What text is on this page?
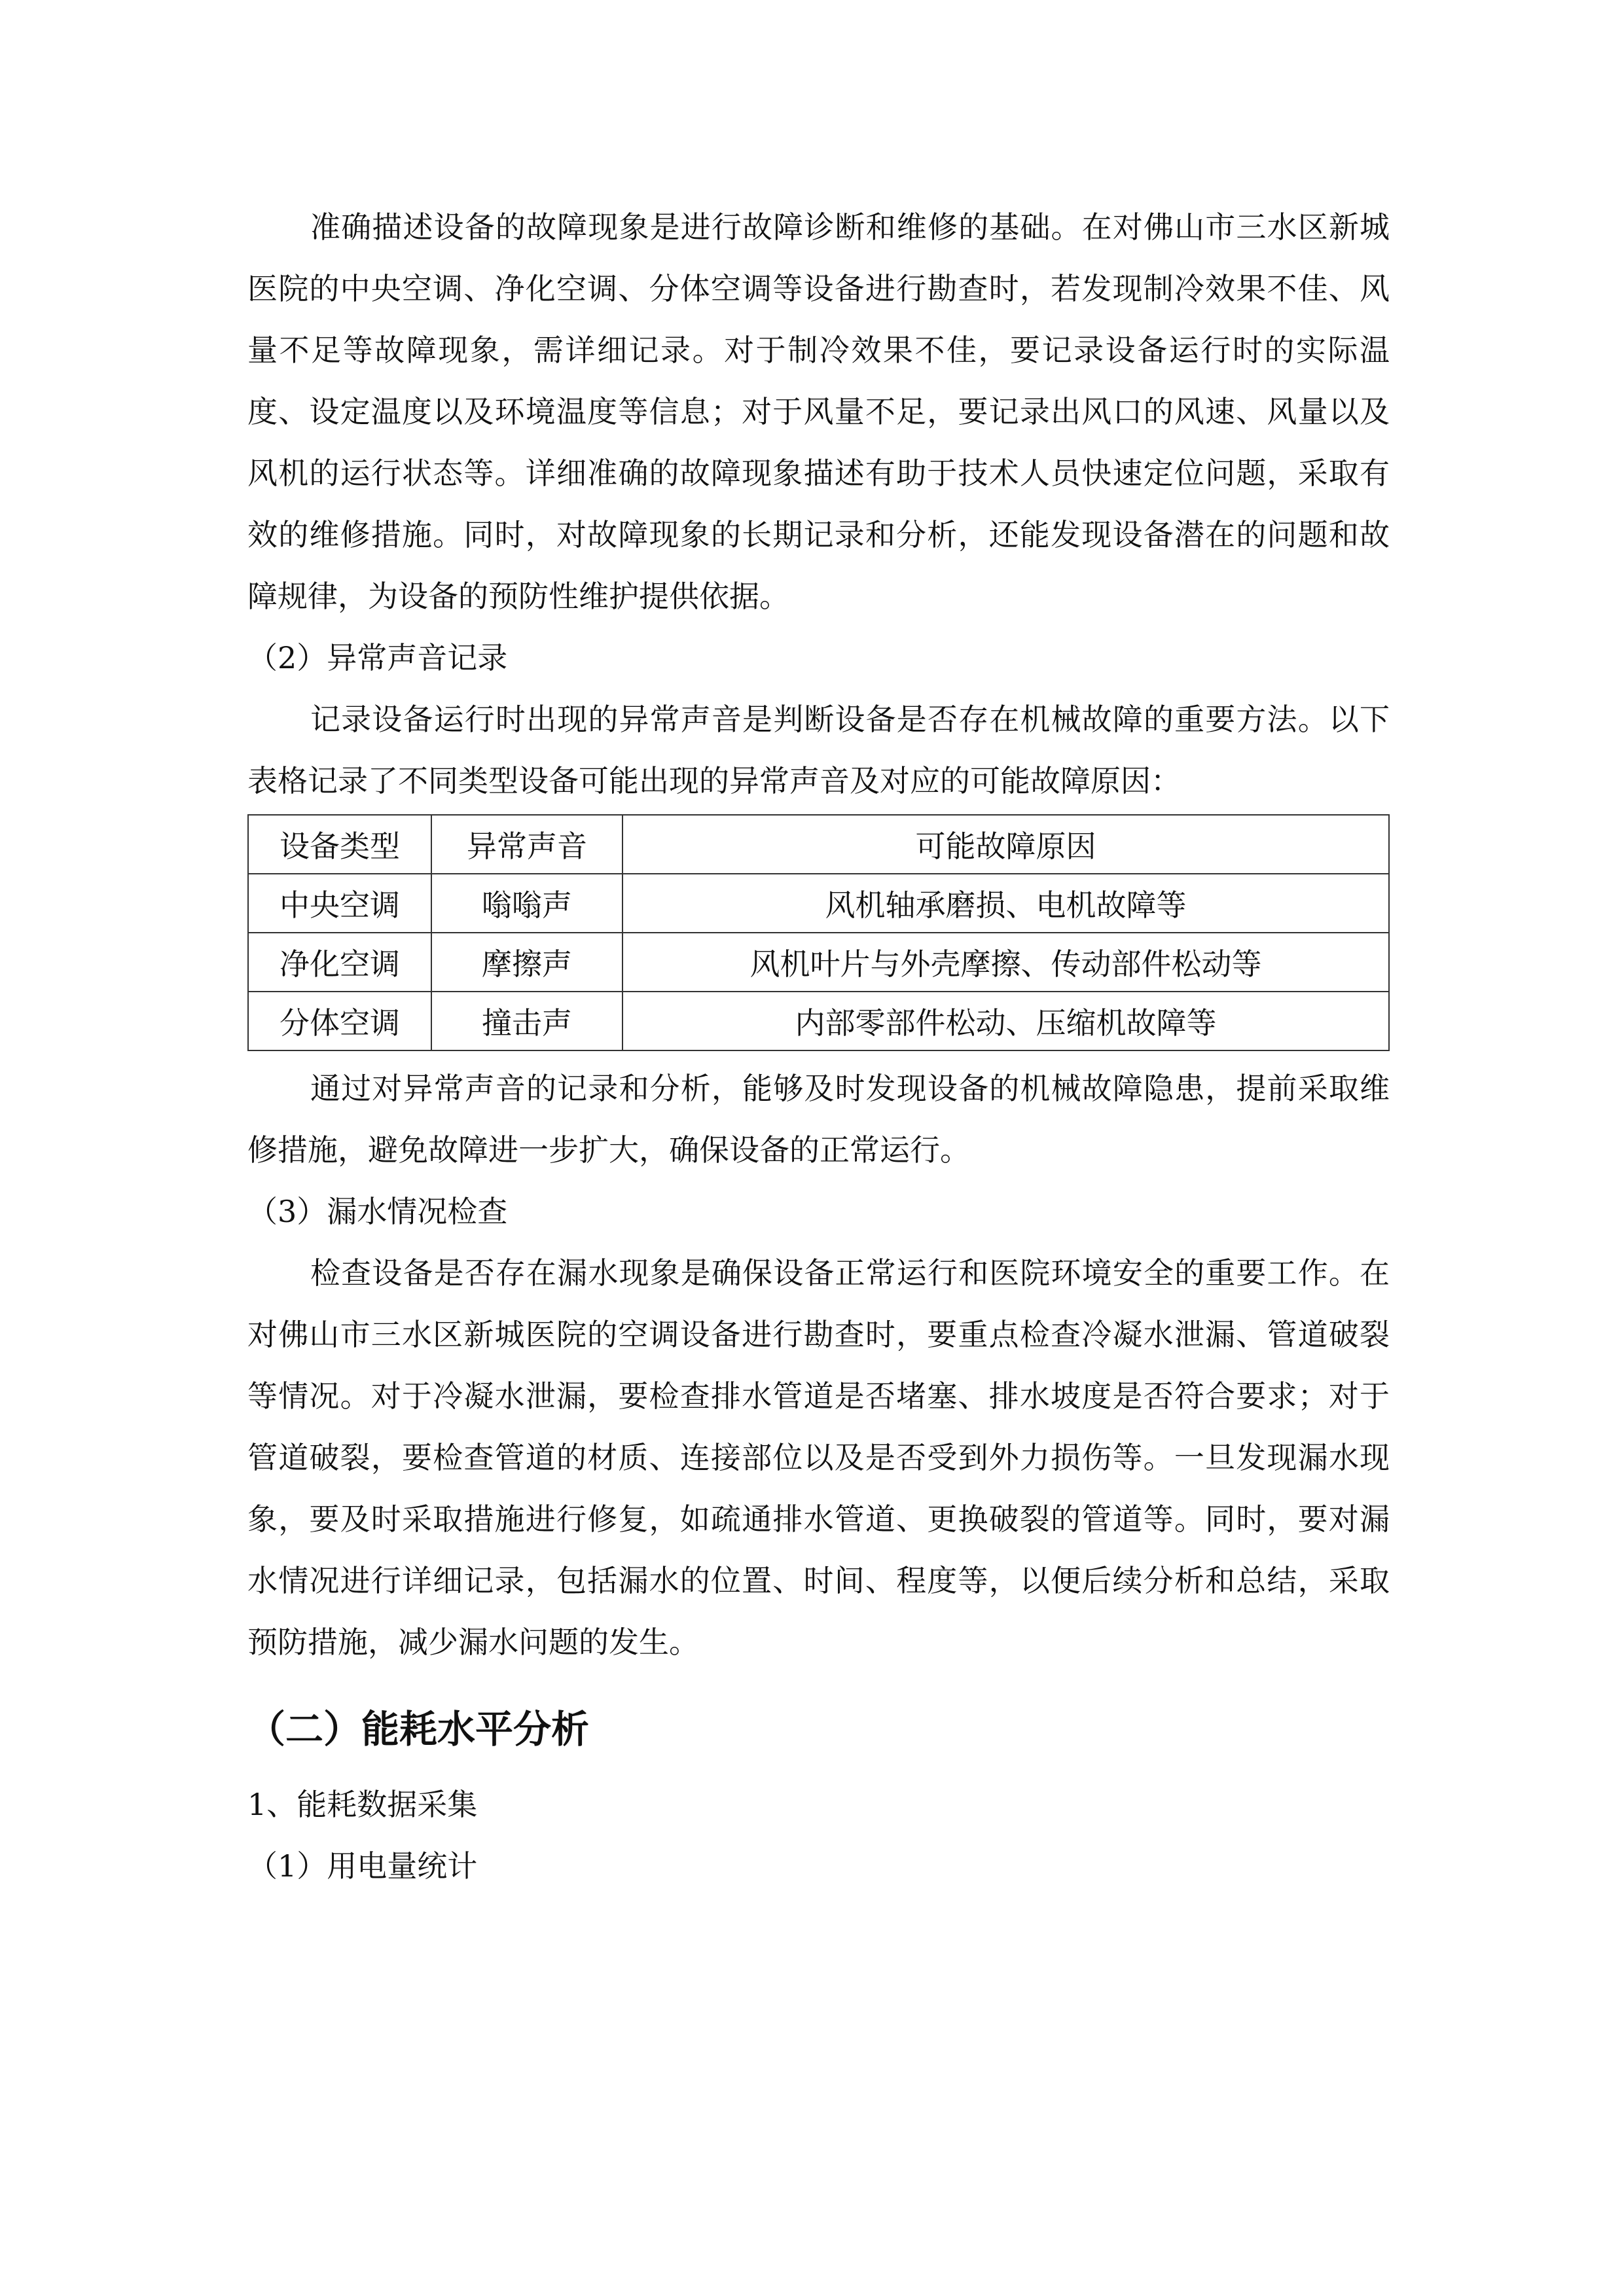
准确描述设备的故障现象是进行故障诊断和维修的基础。在对佛山市三水区新城医院的中央空调、净化空调、分体空调等设备进行勘查时，若发现制冷效果不佳、风量不足等故障现象，需详细记录。对于制冷效果不佳，要记录设备运行时的实际温度、设定温度以及环境温度等信息；对于风量不足，要记录出风口的风速、风量以及风机的运行状态等。详细准确的故障现象描述有助于技术人员快速定位问题，采取有效的维修措施。同时，对故障现象的长期记录和分析，还能发现设备潜在的问题和故障规律，为设备的预防性维护提供依据。

（2）异常声音记录

记录设备运行时出现的异常声音是判断设备是否存在机械故障的重要方法。以下表格记录了不同类型设备可能出现的异常声音及对应的可能故障原因：

设备类型	异常声音	可能故障原因
中央空调	嗡嗡声	风机轴承磨损、电机故障等
净化空调	摩擦声	风机叶片与外壳摩擦、传动部件松动等
分体空调	撞击声	内部零部件松动、压缩机故障等

通过对异常声音的记录和分析，能够及时发现设备的机械故障隐患，提前采取维修措施，避免故障进一步扩大，确保设备的正常运行。

（3）漏水情况检查

检查设备是否存在漏水现象是确保设备正常运行和医院环境安全的重要工作。在对佛山市三水区新城医院的空调设备进行勘查时，要重点检查冷凝水泄漏、管道破裂等情况。对于冷凝水泄漏，要检查排水管道是否堵塞、排水坡度是否符合要求；对于管道破裂，要检查管道的材质、连接部位以及是否受到外力损伤等。一旦发现漏水现象，要及时采取措施进行修复，如疏通排水管道、更换破裂的管道等。同时，要对漏水情况进行详细记录，包括漏水的位置、时间、程度等，以便后续分析和总结，采取预防措施，减少漏水问题的发生。

（二）能耗水平分析

1、能耗数据采集

（1）用电量统计
